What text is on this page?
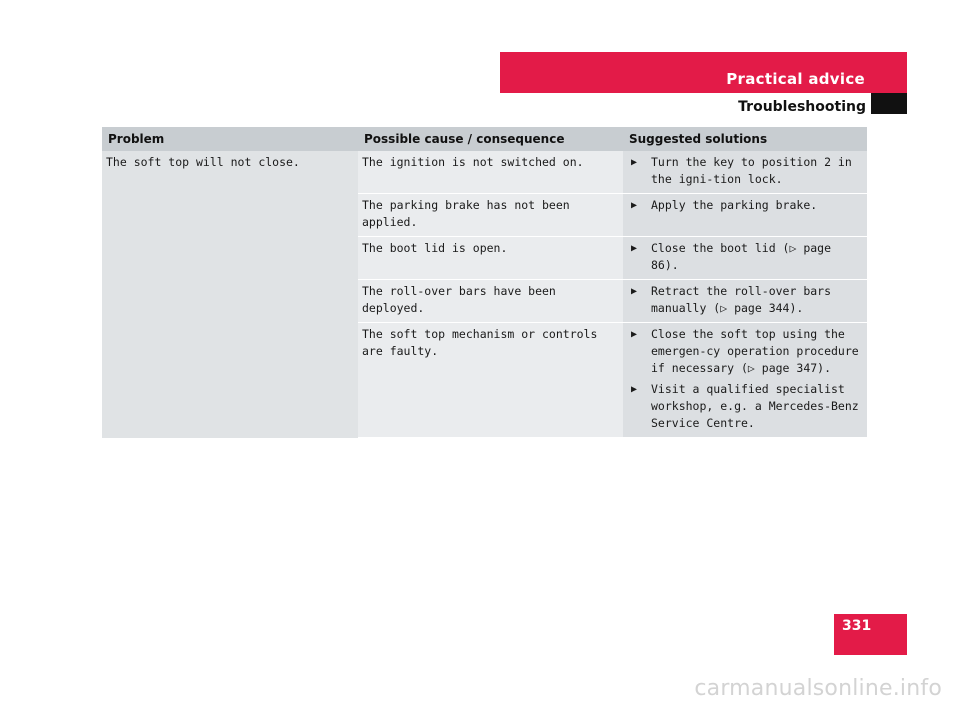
Practical advice
Troubleshooting
Problem	Possible cause / consequence	Suggested solutions
The soft top will not close.	The ignition is not switched on.	▶ Turn the key to position 2 in the igni-tion lock.

	The parking brake has not been applied.	▶ Apply the parking brake.

	The boot lid is open.	▶ Close the boot lid (▷ page 86).

	The roll-over bars have been deployed.	▶ Retract the roll-over bars manually (▷ page 344).

	The soft top mechanism or controls are faulty.	▶ Close the soft top using the emergen-cy operation procedure if necessary (▷ page 347).
▶ Visit a qualified specialist workshop, e.g. a Mercedes-Benz Service Centre.
331
carmanualsonline.info
